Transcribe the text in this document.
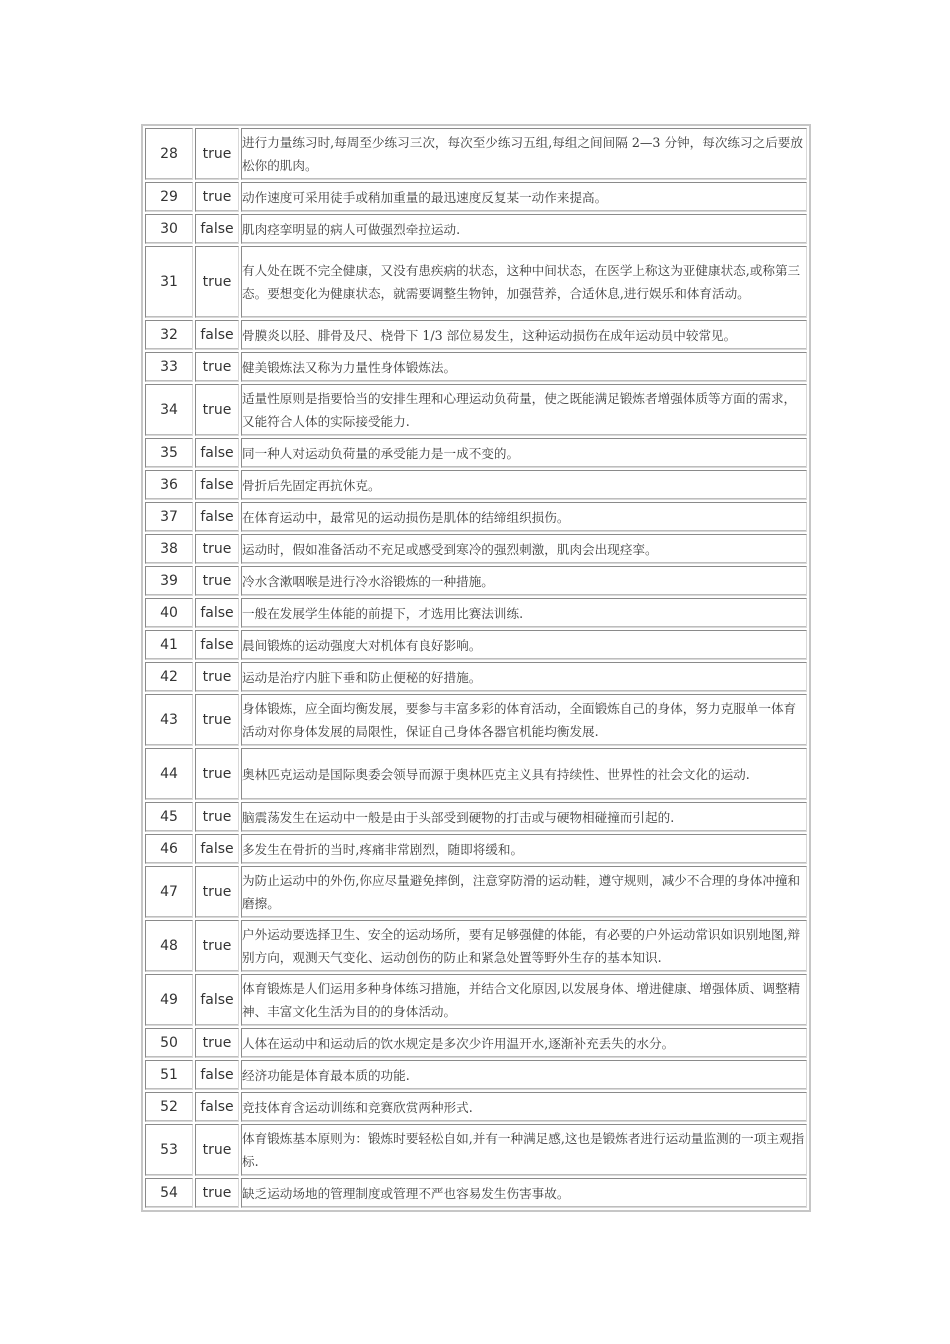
28	true	进行力量练习时,每周至少练习三次，每次至少练习五组,每组之间间隔 2—3 分钟，每次练习之后要放松你的肌肉。
29	true	动作速度可采用徒手或稍加重量的最迅速度反复某一动作来提高。
30	false	肌肉痉挛明显的病人可做强烈牵拉运动.
31	true	有人处在既不完全健康，又没有患疾病的状态，这种中间状态，在医学上称这为亚健康状态,或称第三态。要想变化为健康状态，就需要调整生物钟，加强营养，合适休息,进行娱乐和体育活动。
32	false	骨膜炎以胫、腓骨及尺、桡骨下 1/3 部位易发生，这种运动损伤在成年运动员中较常见。
33	true	健美锻炼法又称为力量性身体锻炼法。
34	true	适量性原则是指要恰当的安排生理和心理运动负荷量，使之既能满足锻炼者增强体质等方面的需求，又能符合人体的实际接受能力.
35	false	同一种人对运动负荷量的承受能力是一成不变的。
36	false	骨折后先固定再抗休克。
37	false	在体育运动中，最常见的运动损伤是肌体的结缔组织损伤。
38	true	运动时，假如准备活动不充足或感受到寒冷的强烈刺激，肌肉会出现痉挛。
39	true	冷水含漱咽喉是进行冷水浴锻炼的一种措施。
40	false	一般在发展学生体能的前提下，才选用比赛法训练.
41	false	晨间锻炼的运动强度大对机体有良好影响。
42	true	运动是治疗内脏下垂和防止便秘的好措施。
43	true	身体锻炼，应全面均衡发展，要参与丰富多彩的体育活动，全面锻炼自己的身体，努力克服单一体育活动对你身体发展的局限性，保证自己身体各器官机能均衡发展.
44	true	奥林匹克运动是国际奥委会领导而源于奥林匹克主义具有持续性、世界性的社会文化的运动.
45	true	脑震荡发生在运动中一般是由于头部受到硬物的打击或与硬物相碰撞而引起的.
46	false	多发生在骨折的当时,疼痛非常剧烈，随即将缓和。
47	true	为防止运动中的外伤,你应尽量避免摔倒，注意穿防滑的运动鞋，遵守规则，减少不合理的身体冲撞和磨擦。
48	true	户外运动要选择卫生、安全的运动场所，要有足够强健的体能，有必要的户外运动常识如识别地图,辩别方向，观测天气变化、运动创伤的防止和紧急处置等野外生存的基本知识.
49	false	体育锻炼是人们运用多种身体练习措施，并结合文化原因,以发展身体、增进健康、增强体质、调整精神、丰富文化生活为目的的身体活动。
50	true	人体在运动中和运动后的饮水规定是多次少许用温开水,逐渐补充丢失的水分。
51	false	经济功能是体育最本质的功能.
52	false	竞技体育含运动训练和竞赛欣赏两种形式.
53	true	体育锻炼基本原则为：锻炼时要轻松自如,并有一种满足感,这也是锻炼者进行运动量监测的一项主观指标.
54	true	缺乏运动场地的管理制度或管理不严也容易发生伤害事故。
